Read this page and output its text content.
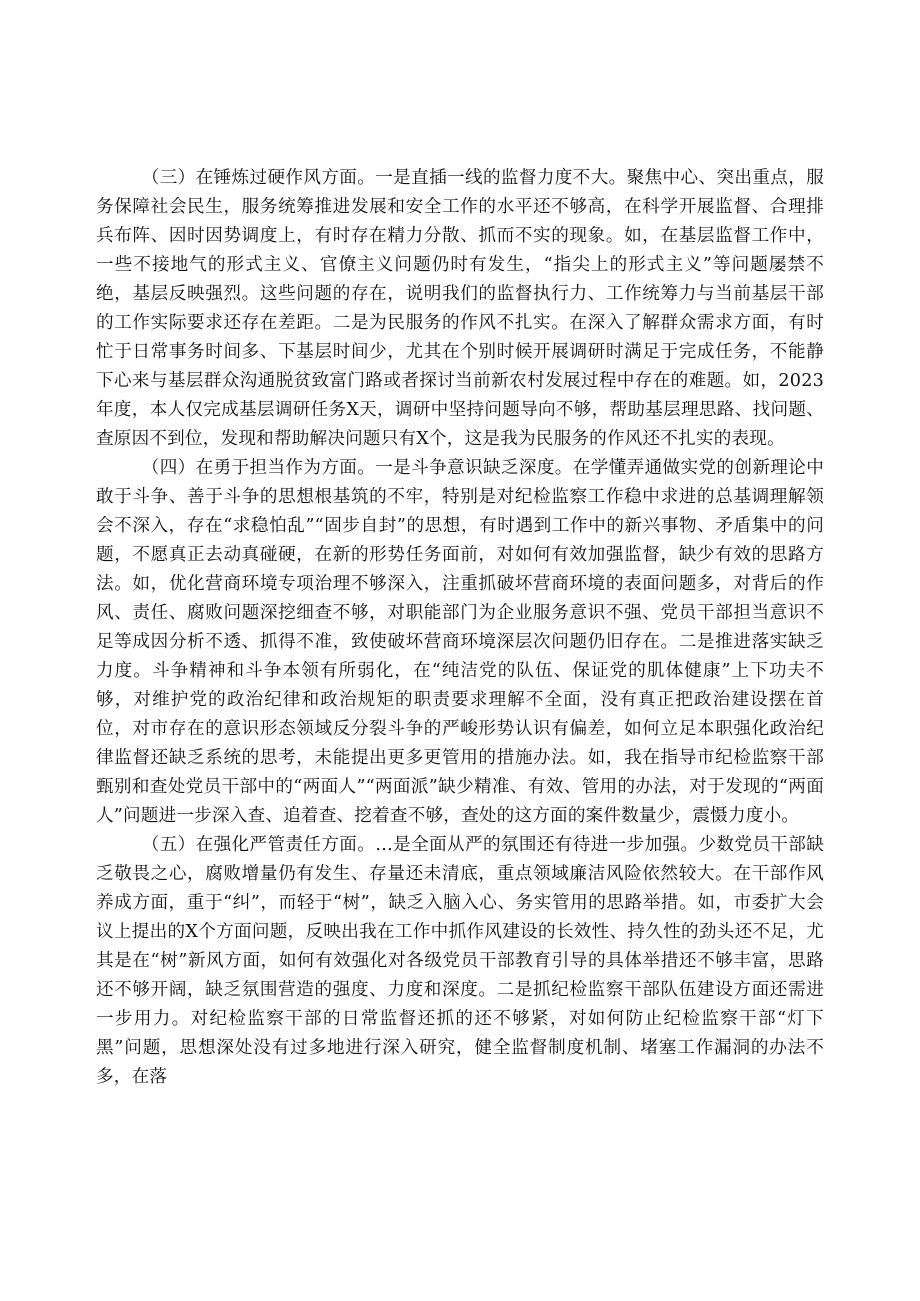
（三）在锤炼过硬作风方面。一是直插一线的监督力度不大。聚焦中心、突出重点，服务保障社会民生，服务统筹推进发展和安全工作的水平还不够高，在科学开展监督、合理排兵布阵、因时因势调度上，有时存在精力分散、抓而不实的现象。如，在基层监督工作中，一些不接地气的形式主义、官僚主义问题仍时有发生，“指尖上的形式主义”等问题屡禁不绝，基层反映强烈。这些问题的存在，说明我们的监督执行力、工作统筹力与当前基层干部的工作实际要求还存在差距。二是为民服务的作风不扎实。在深入了解群众需求方面，有时忙于日常事务时间多、下基层时间少，尤其在个别时候开展调研时满足于完成任务，不能静下心来与基层群众沟通脱贫致富门路或者探讨当前新农村发展过程中存在的难题。如，2023年度，本人仅完成基层调研任务X天，调研中坚持问题导向不够，帮助基层理思路、找问题、查原因不到位，发现和帮助解决问题只有X个，这是我为民服务的作风还不扎实的表现。

（四）在勇于担当作为方面。一是斗争意识缺乏深度。在学懂弄通做实党的创新理论中敢于斗争、善于斗争的思想根基筑的不牢，特别是对纪检监察工作稳中求进的总基调理解领会不深入，存在“求稳怕乱”“固步自封”的思想，有时遇到工作中的新兴事物、矛盾集中的问题，不愿真正去动真碰硬，在新的形势任务面前，对如何有效加强监督，缺少有效的思路方法。如，优化营商环境专项治理不够深入，注重抓破坏营商环境的表面问题多，对背后的作风、责任、腐败问题深挖细查不够，对职能部门为企业服务意识不强、党员干部担当意识不足等成因分析不透、抓得不准，致使破坏营商环境深层次问题仍旧存在。二是推进落实缺乏力度。斗争精神和斗争本领有所弱化，在“纯洁党的队伍、保证党的肌体健康”上下功夫不够，对维护党的政治纪律和政治规矩的职责要求理解不全面，没有真正把政治建设摆在首位，对市存在的意识形态领域反分裂斗争的严峻形势认识有偏差，如何立足本职强化政治纪律监督还缺乏系统的思考，未能提出更多更管用的措施办法。如，我在指导市纪检监察干部甄别和查处党员干部中的“两面人”“两面派”缺少精准、有效、管用的办法，对于发现的“两面人”问题进一步深入查、追着查、挖着查不够，查处的这方面的案件数量少，震慑力度小。

（五）在强化严管责任方面。…是全面从严的氛围还有待进一步加强。少数党员干部缺乏敬畏之心，腐败增量仍有发生、存量还未清底，重点领域廉洁风险依然较大。在干部作风养成方面，重于“纠”，而轻于“树”，缺乏入脑入心、务实管用的思路举措。如，市委扩大会议上提出的X个方面问题，反映出我在工作中抓作风建设的长效性、持久性的劲头还不足，尤其是在“树”新风方面，如何有效强化对各级党员干部教育引导的具体举措还不够丰富，思路还不够开阔，缺乏氛围营造的强度、力度和深度。二是抓纪检监察干部队伍建设方面还需进一步用力。对纪检监察干部的日常监督还抓的还不够紧，对如何防止纪检监察干部“灯下黑”问题，思想深处没有过多地进行深入研究，健全监督制度机制、堵塞工作漏洞的办法不多，在落
